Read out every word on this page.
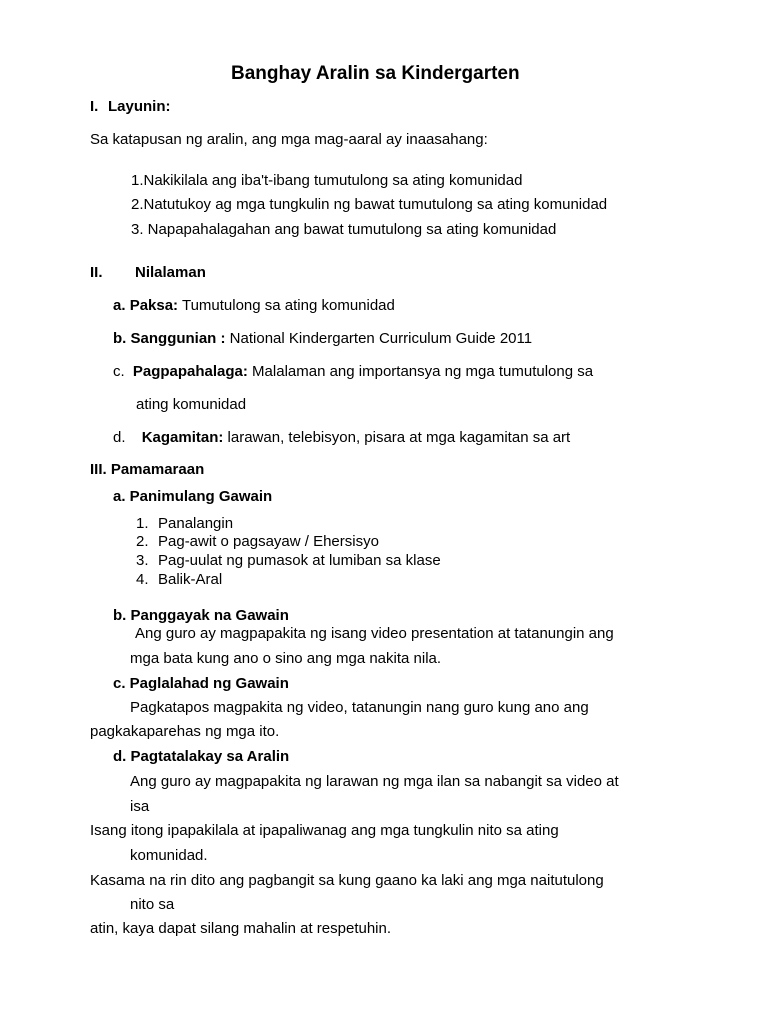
Banghay Aralin sa Kindergarten
I. Layunin:
Sa katapusan ng aralin, ang mga mag-aaral ay inaasahang:
1.Nakikilala ang iba't-ibang tumutulong sa ating komunidad
2.Natutukoy ag mga tungkulin ng bawat tumutulong sa ating komunidad
3. Napapahalagahan ang bawat tumutulong sa ating komunidad
II. Nilalaman
a. Paksa: Tumutulong sa ating komunidad
b. Sanggunian : National Kindergarten Curriculum Guide 2011
c. Pagpapahalaga: Malalaman ang importansya ng mga tumutulong sa
ating komunidad
d. Kagamitan: larawan, telebisyon, pisara at mga kagamitan sa art
III. Pamamaraan
a. Panimulang Gawain
1. Panalangin
2. Pag-awit o pagsayaw / Ehersisyo
3. Pag-uulat ng pumasok at lumiban sa klase
4. Balik-Aral
b. Panggayak na Gawain
Ang guro ay magpapakita ng isang video presentation at tatanungin ang
mga bata kung ano o sino ang mga nakita nila.
c. Paglalahad ng Gawain
Pagkatapos magpakita ng video, tatanungin nang guro kung ano ang
pagkakaparehas ng mga ito.
d. Pagtatalakay sa Aralin
Ang guro ay magpapakita ng larawan ng mga ilan sa nabangit sa video at
isa
Isang itong ipapakilala at ipapaliwanag ang mga tungkulin nito sa ating
komunidad.
Kasama na rin dito ang pagbangit sa kung gaano ka laki ang mga naitutulong
nito sa
atin, kaya dapat silang mahalin at respetuhin.
